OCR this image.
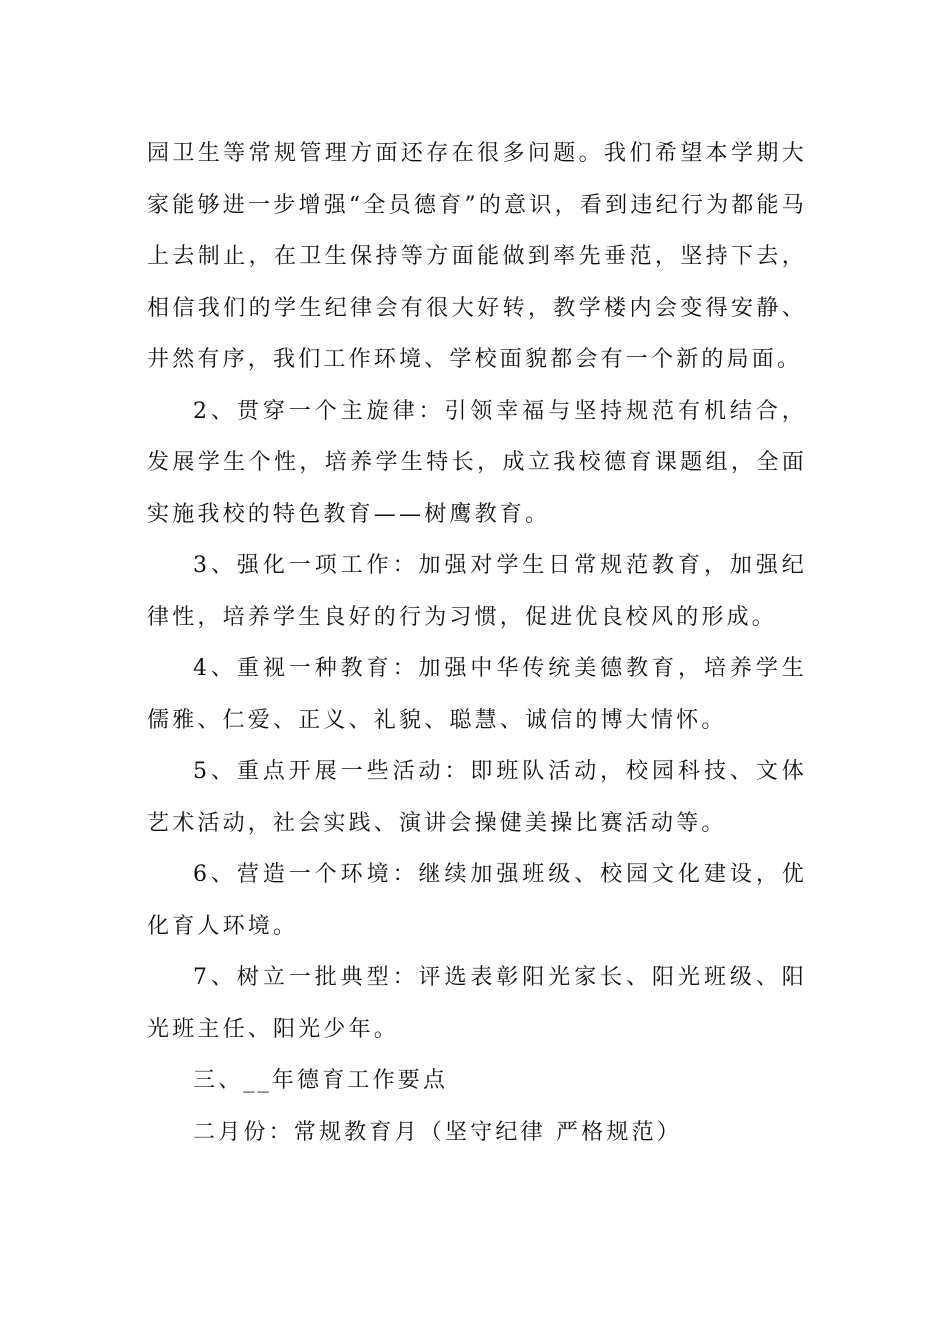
园卫生等常规管理方面还存在很多问题。我们希望本学期大家能够进一步增强“全员德育”的意识，看到违纪行为都能马上去制止，在卫生保持等方面能做到率先垂范，坚持下去，相信我们的学生纪律会有很大好转，教学楼内会变得安静、井然有序，我们工作环境、学校面貌都会有一个新的局面。

2、贯穿一个主旋律：引领幸福与坚持规范有机结合，发展学生个性，培养学生特长，成立我校德育课题组，全面实施我校的特色教育——树鹰教育。

3、强化一项工作：加强对学生日常规范教育，加强纪律性，培养学生良好的行为习惯，促进优良校风的形成。

4、重视一种教育：加强中华传统美德教育，培养学生儒雅、仁爱、正义、礼貌、聪慧、诚信的博大情怀。

5、重点开展一些活动：即班队活动，校园科技、文体艺术活动，社会实践、演讲会操健美操比赛活动等。

6、营造一个环境：继续加强班级、校园文化建设，优化育人环境。

7、树立一批典型：评选表彰阳光家长、阳光班级、阳光班主任、阳光少年。

三、__年德育工作要点

二月份：常规教育月（坚守纪律 严格规范）
